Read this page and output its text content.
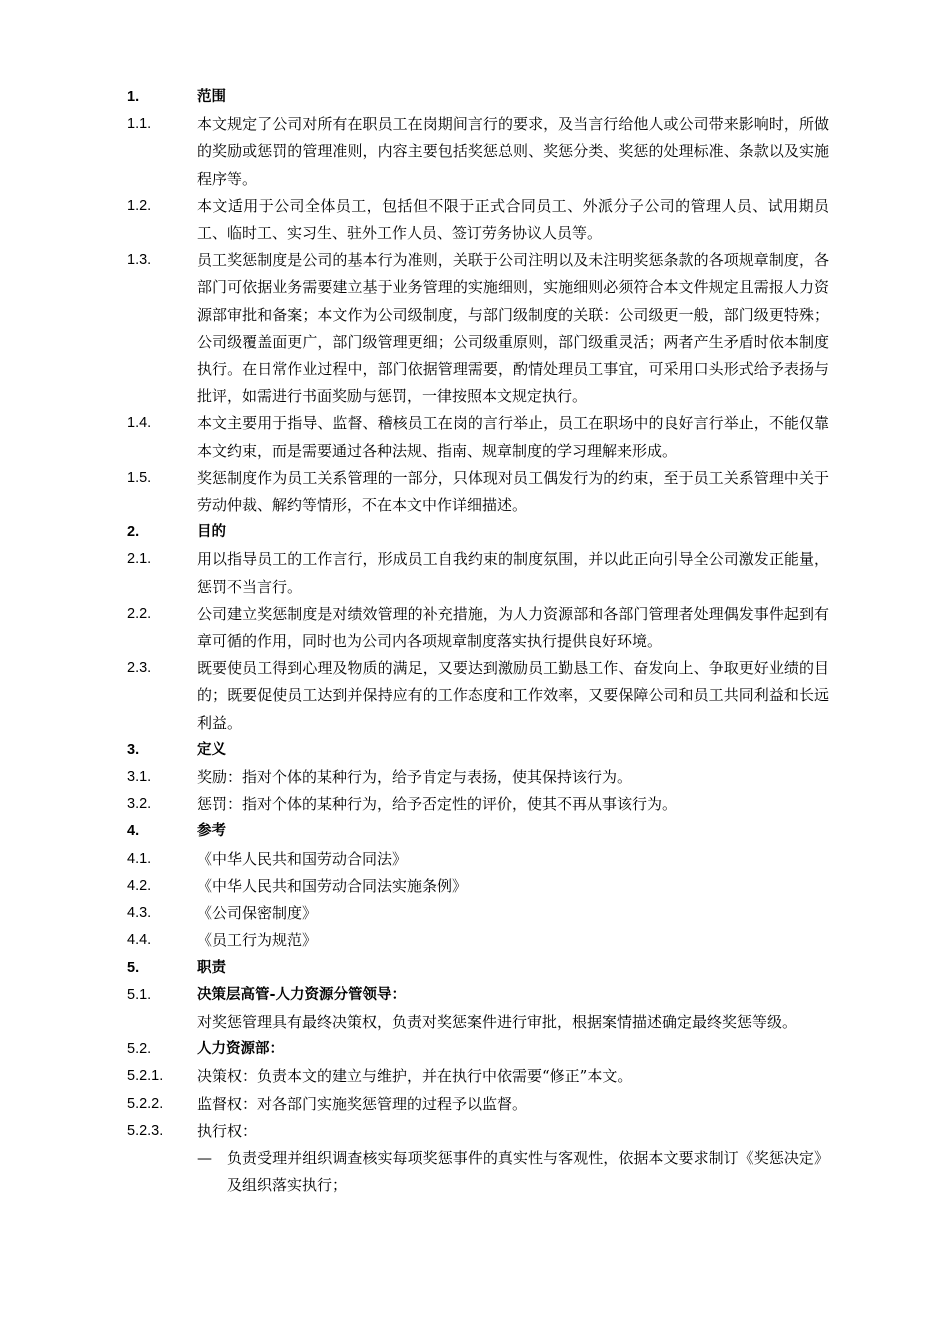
1.	范围
1.1.	本文规定了公司对所有在职员工在岗期间言行的要求，及当言行给他人或公司带来影响时，所做的奖励或惩罚的管理准则，内容主要包括奖惩总则、奖惩分类、奖惩的处理标准、条款以及实施程序等。
1.2.	本文适用于公司全体员工，包括但不限于正式合同员工、外派分子公司的管理人员、试用期员工、临时工、实习生、驻外工作人员、签订劳务协议人员等。
1.3.	员工奖惩制度是公司的基本行为准则，关联于公司注明以及未注明奖惩条款的各项规章制度，各部门可依据业务需要建立基于业务管理的实施细则，实施细则必须符合本文件规定且需报人力资源部审批和备案；本文作为公司级制度，与部门级制度的关联：公司级更一般，部门级更特殊；公司级覆盖面更广，部门级管理更细；公司级重原则，部门级重灵活；两者产生矛盾时依本制度执行。在日常作业过程中，部门依据管理需要，酌情处理员工事宜，可采用口头形式给予表扬与批评，如需进行书面奖励与惩罚，一律按照本文规定执行。
1.4.	本文主要用于指导、监督、稽核员工在岗的言行举止，员工在职场中的良好言行举止，不能仅靠本文约束，而是需要通过各种法规、指南、规章制度的学习理解来形成。
1.5.	奖惩制度作为员工关系管理的一部分，只体现对员工偶发行为的约束，至于员工关系管理中关于劳动仲裁、解约等情形，不在本文中作详细描述。
2.	目的
2.1.	用以指导员工的工作言行，形成员工自我约束的制度氛围，并以此正向引导全公司激发正能量，惩罚不当言行。
2.2.	公司建立奖惩制度是对绩效管理的补充措施，为人力资源部和各部门管理者处理偶发事件起到有章可循的作用，同时也为公司内各项规章制度落实执行提供良好环境。
2.3.	既要使员工得到心理及物质的满足，又要达到激励员工勤恳工作、奋发向上、争取更好业绩的目的；既要促使员工达到并保持应有的工作态度和工作效率，又要保障公司和员工共同利益和长远利益。
3.	定义
3.1.	奖励：指对个体的某种行为，给予肯定与表扬，使其保持该行为。
3.2.	惩罚：指对个体的某种行为，给予否定性的评价，使其不再从事该行为。
4.	参考
4.1.	《中华人民共和国劳动合同法》
4.2.	《中华人民共和国劳动合同法实施条例》
4.3.	《公司保密制度》
4.4.	《员工行为规范》
5.	职责
5.1.	决策层高管-人力资源分管领导：
对奖惩管理具有最终决策权，负责对奖惩案件进行审批，根据案情描述确定最终奖惩等级。
5.2.	人力资源部：
5.2.1. 决策权：负责本文的建立与维护，并在执行中依需要“修正”本文。
5.2.2. 监督权：对各部门实施奖惩管理的过程予以监督。
5.2.3. 执行权：
— 负责受理并组织调查核实每项奖惩事件的真实性与客观性，依据本文要求制订《奖惩决定》及组织落实执行；
